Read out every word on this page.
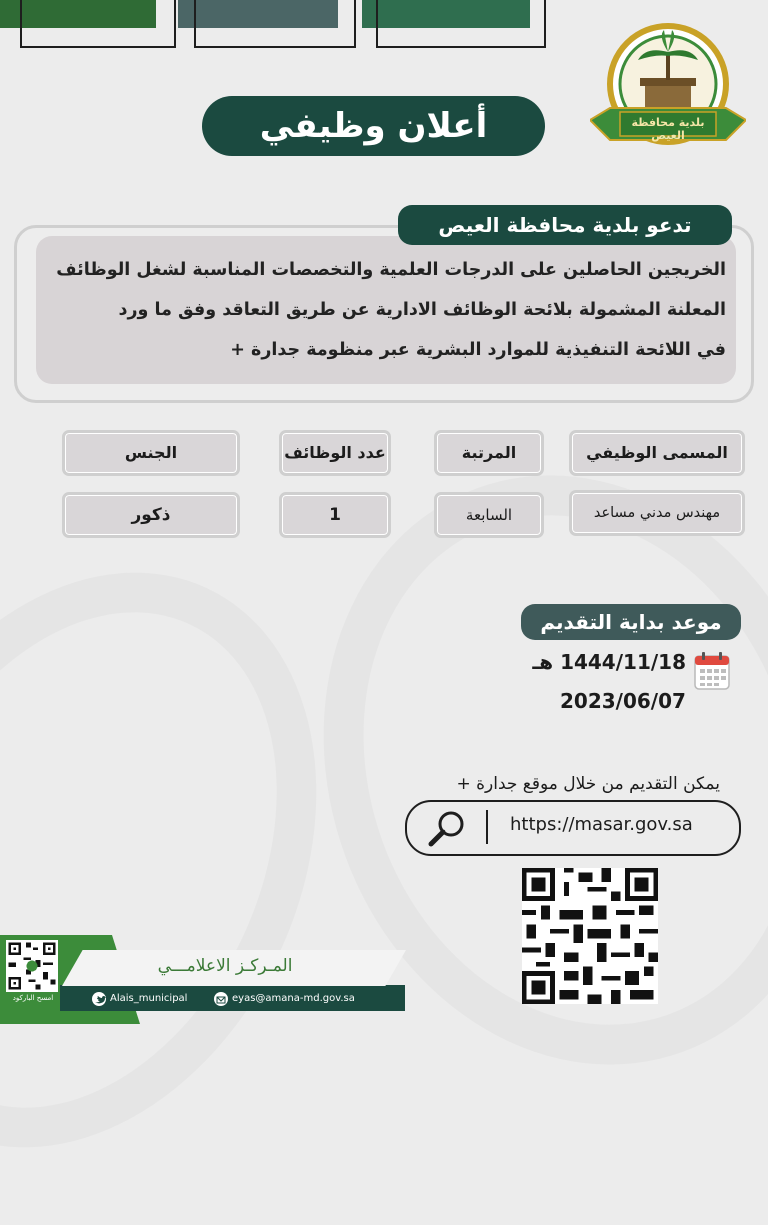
بلدية محافظة العيص
أعلان وظيفي
الخريجين الحاصلين على الدرجات العلمية والتخصصات المناسبة لشغل الوظائف
المعلنة المشمولة بلائحة الوظائف الادارية عن طريق التعاقد وفق ما ورد
في اللائحة التنفيذية للموارد البشرية عبر منظومة جدارة +
تدعو بلدية محافظة العيص
المسمى الوظيفي
المرتبة
عدد الوظائف
الجنس
مهندس مدني مساعد
السابعة
1
ذكور
موعد بداية التقديم
1444/11/18 هـ
2023/06/07
يمكن التقديم من خلال موقع جدارة +
https://masar.gov.sa
المـركـز الاعلامـــي
امسح الباركود	Alais_municipal	eyas@amana-md.gov.sa
